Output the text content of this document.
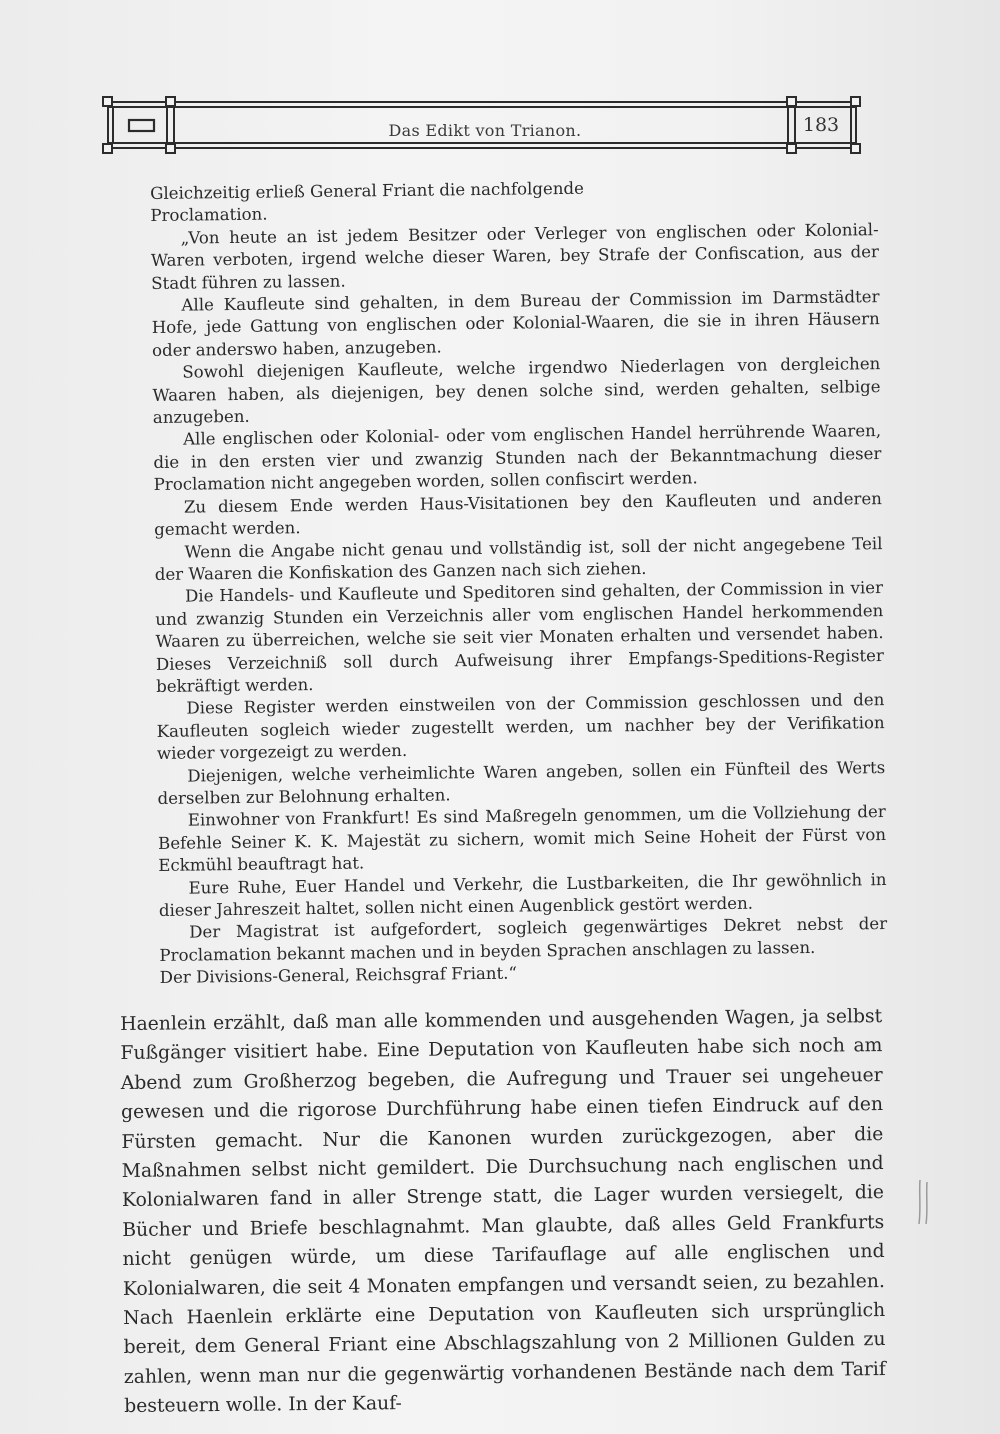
Das Edikt von Trianon.	183

Gleichzeitig erließ General Friant die nachfolgende

Proclamation.

„Von heute an ist jedem Besitzer oder Verleger von englischen oder Kolonial-Waren verboten, irgend welche dieser Waren, bey Strafe der Confiscation, aus der Stadt führen zu lassen.

Alle Kaufleute sind gehalten, in dem Bureau der Commission im Darmstädter Hofe, jede Gattung von englischen oder Kolonial-Waaren, die sie in ihren Häusern oder anderswo haben, anzugeben.

Sowohl diejenigen Kaufleute, welche irgendwo Niederlagen von dergleichen Waaren haben, als diejenigen, bey denen solche sind, werden gehalten, selbige anzugeben.

Alle englischen oder Kolonial- oder vom englischen Handel herrührende Waaren, die in den ersten vier und zwanzig Stunden nach der Bekanntmachung dieser Proclamation nicht angegeben worden, sollen confiscirt werden.

Zu diesem Ende werden Haus-Visitationen bey den Kaufleuten und anderen gemacht werden.

Wenn die Angabe nicht genau und vollständig ist, soll der nicht angegebene Teil der Waaren die Konfiskation des Ganzen nach sich ziehen.

Die Handels- und Kaufleute und Speditoren sind gehalten, der Commission in vier und zwanzig Stunden ein Verzeichnis aller vom englischen Handel herkommenden Waaren zu überreichen, welche sie seit vier Monaten erhalten und versendet haben. Dieses Verzeichniß soll durch Aufweisung ihrer Empfangs-Speditions-Register bekräftigt werden.

Diese Register werden einstweilen von der Commission geschlossen und den Kaufleuten sogleich wieder zugestellt werden, um nachher bey der Verifikation wieder vorgezeigt zu werden.

Diejenigen, welche verheimlichte Waren angeben, sollen ein Fünfteil des Werts derselben zur Belohnung erhalten.

Einwohner von Frankfurt! Es sind Maßregeln genommen, um die Vollziehung der Befehle Seiner K. K. Majestät zu sichern, womit mich Seine Hoheit der Fürst von Eckmühl beauftragt hat.

Eure Ruhe, Euer Handel und Verkehr, die Lustbarkeiten, die Ihr gewöhnlich in dieser Jahreszeit haltet, sollen nicht einen Augenblick gestört werden.

Der Magistrat ist aufgefordert, sogleich gegenwärtiges Dekret nebst der Proclamation bekannt machen und in beyden Sprachen anschlagen zu lassen.

Der Divisions-General, Reichsgraf Friant.“

Haenlein erzählt, daß man alle kommenden und ausgehenden Wagen, ja selbst Fußgänger visitiert habe. Eine Deputation von Kaufleuten habe sich noch am Abend zum Großherzog begeben, die Aufregung und Trauer sei ungeheuer gewesen und die rigorose Durchführung habe einen tiefen Eindruck auf den Fürsten gemacht. Nur die Kanonen wurden zurückgezogen, aber die Maßnahmen selbst nicht gemildert. Die Durchsuchung nach englischen und Kolonialwaren fand in aller Strenge statt, die Lager wurden versiegelt, die Bücher und Briefe beschlagnahmt. Man glaubte, daß alles Geld Frankfurts nicht genügen würde, um diese Tarifauflage auf alle englischen und Kolonialwaren, die seit 4 Monaten empfangen und versandt seien, zu bezahlen. Nach Haenlein erklärte eine Deputation von Kaufleuten sich ursprünglich bereit, dem General Friant eine Abschlagszahlung von 2 Millionen Gulden zu zahlen, wenn man nur die gegenwärtig vorhandenen Bestände nach dem Tarif besteuern wolle. In der Kauf-
